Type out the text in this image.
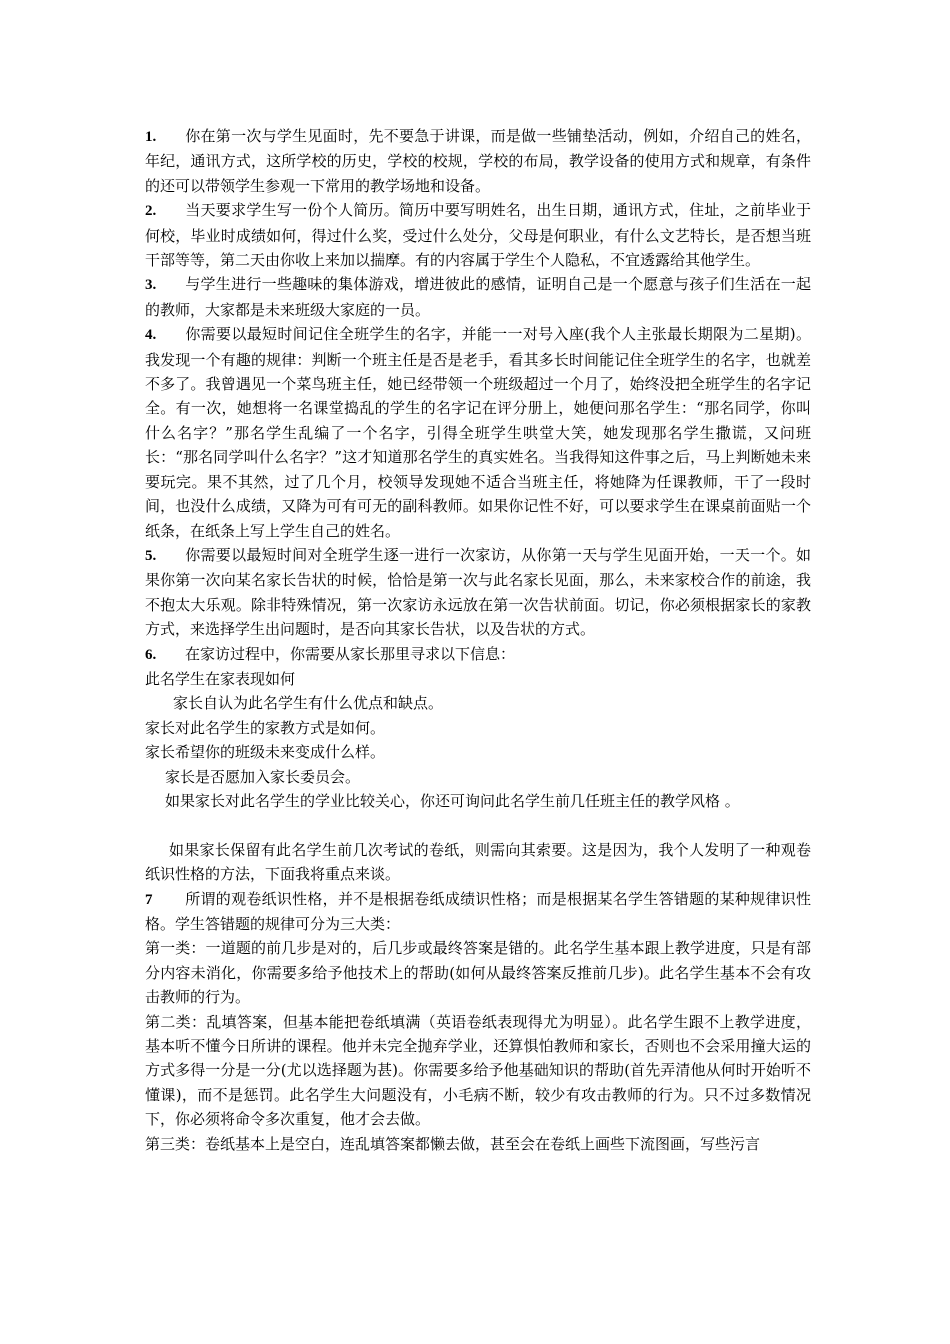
1. 你在第一次与学生见面时，先不要急于讲课，而是做一些铺垫活动，例如，介绍自己的姓名，年纪，通讯方式，这所学校的历史，学校的校规，学校的布局，教学设备的使用方式和规章，有条件的还可以带领学生参观一下常用的教学场地和设备。

2. 当天要求学生写一份个人简历。简历中要写明姓名，出生日期，通讯方式，住址，之前毕业于何校，毕业时成绩如何，得过什么奖，受过什么处分，父母是何职业，有什么文艺特长，是否想当班干部等等，第二天由你收上来加以揣摩。有的内容属于学生个人隐私，不宜透露给其他学生。

3. 与学生进行一些趣味的集体游戏，增进彼此的感情，证明自己是一个愿意与孩子们生活在一起的教师，大家都是未来班级大家庭的一员。

4. 你需要以最短时间记住全班学生的名字，并能一一对号入座(我个人主张最长期限为二星期)。我发现一个有趣的规律：判断一个班主任是否是老手，看其多长时间能记住全班学生的名字，也就差不多了。我曾遇见一个菜鸟班主任，她已经带领一个班级超过一个月了，始终没把全班学生的名字记全。有一次，她想将一名课堂捣乱的学生的名字记在评分册上，她便问那名学生：“那名同学，你叫什么名字？”那名学生乱编了一个名字，引得全班学生哄堂大笑，她发现那名学生撒谎，又问班长：“那名同学叫什么名字？”这才知道那名学生的真实姓名。当我得知这件事之后，马上判断她未来要玩完。果不其然，过了几个月，校领导发现她不适合当班主任，将她降为任课教师，干了一段时间，也没什么成绩，又降为可有可无的副科教师。如果你记性不好，可以要求学生在课桌前面贴一个纸条，在纸条上写上学生自己的姓名。

5. 你需要以最短时间对全班学生逐一进行一次家访，从你第一天与学生见面开始，一天一个。如果你第一次向某名家长告状的时候，恰恰是第一次与此名家长见面，那么，未来家校合作的前途，我不抱太大乐观。除非特殊情况，第一次家访永远放在第一次告状前面。切记，你必须根据家长的家教方式，来选择学生出问题时，是否向其家长告状，以及告状的方式。

6. 在家访过程中，你需要从家长那里寻求以下信息：

此名学生在家表现如何

家长自认为此名学生有什么优点和缺点。

家长对此名学生的家教方式是如何。

家长希望你的班级未来变成什么样。

家长是否愿加入家长委员会。

如果家长对此名学生的学业比较关心，你还可询问此名学生前几任班主任的教学风格 。

如果家长保留有此名学生前几次考试的卷纸，则需向其索要。这是因为，我个人发明了一种观卷纸识性格的方法，下面我将重点来谈。

7 所谓的观卷纸识性格，并不是根据卷纸成绩识性格；而是根据某名学生答错题的某种规律识性格。学生答错题的规律可分为三大类：

第一类：一道题的前几步是对的，后几步或最终答案是错的。此名学生基本跟上教学进度，只是有部分内容未消化，你需要多给予他技术上的帮助(如何从最终答案反推前几步)。此名学生基本不会有攻击教师的行为。

第二类：乱填答案，但基本能把卷纸填满（英语卷纸表现得尤为明显）。此名学生跟不上教学进度，基本听不懂今日所讲的课程。他并未完全抛弃学业，还算惧怕教师和家长，否则也不会采用撞大运的方式多得一分是一分(尤以选择题为甚)。你需要多给予他基础知识的帮助(首先弄清他从何时开始听不懂课)，而不是惩罚。此名学生大问题没有，小毛病不断，较少有攻击教师的行为。只不过多数情况下，你必须将命令多次重复，他才会去做。

第三类：卷纸基本上是空白，连乱填答案都懒去做，甚至会在卷纸上画些下流图画，写些污言
